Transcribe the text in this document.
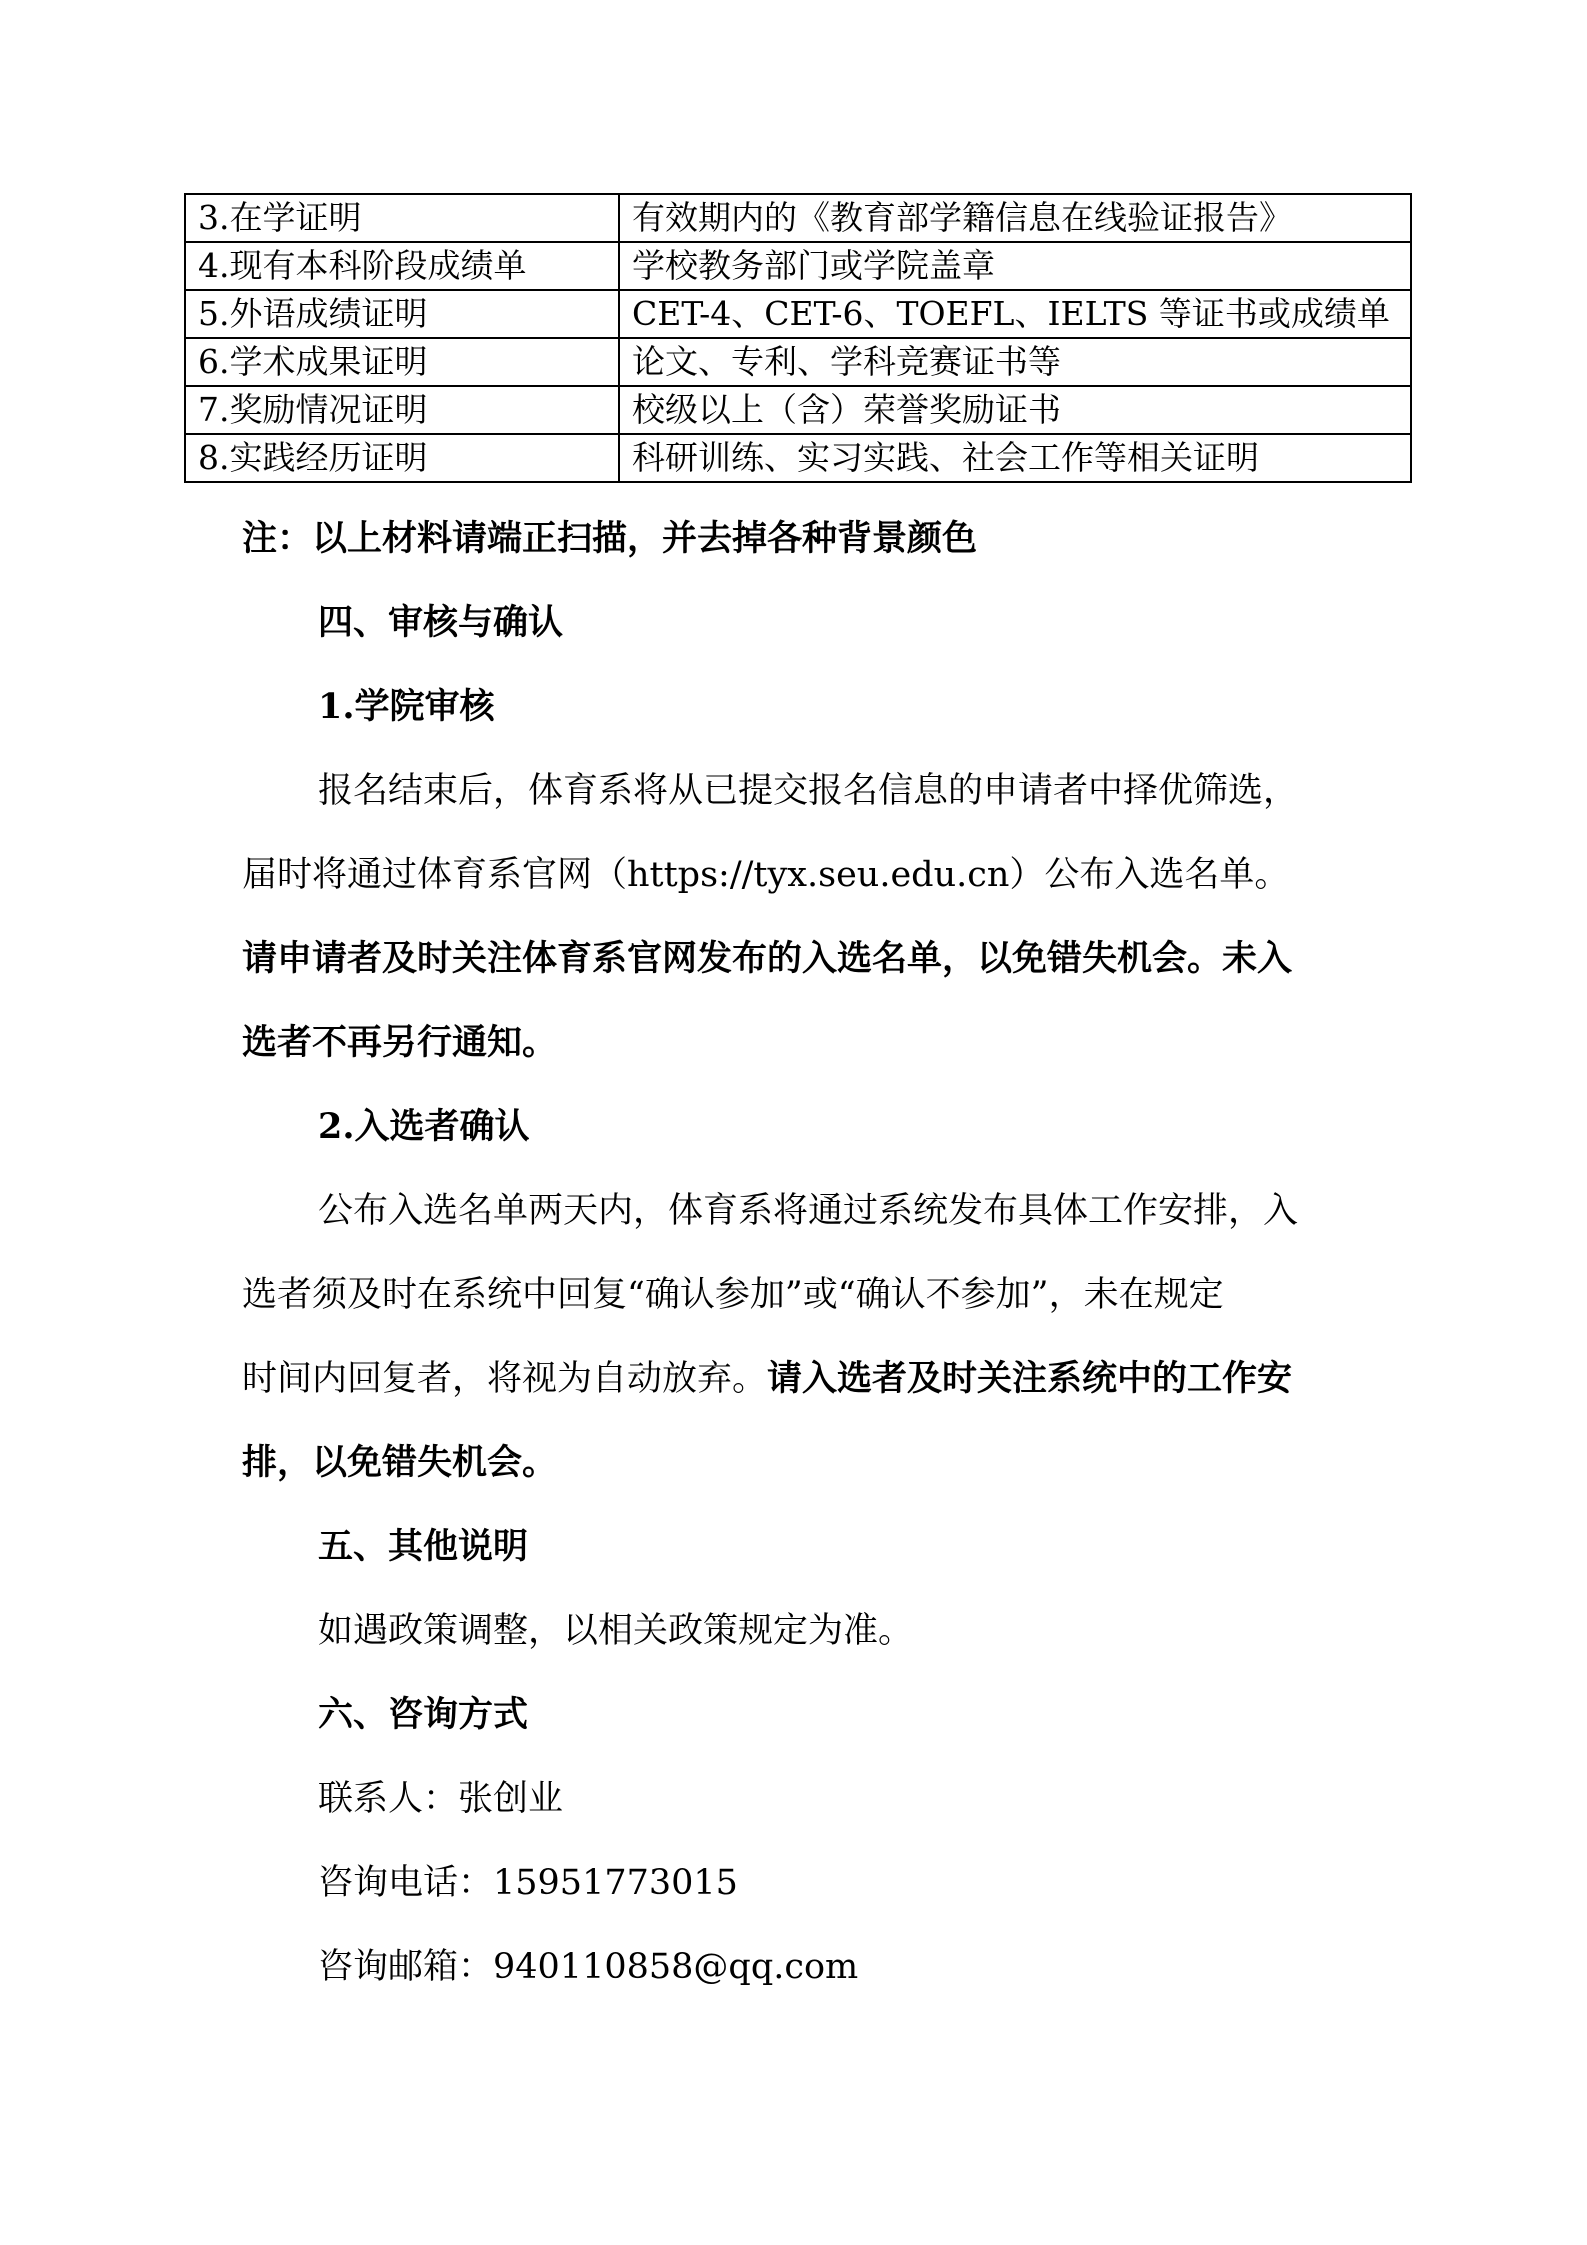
3.在学证明	有效期内的《教育部学籍信息在线验证报告》
4.现有本科阶段成绩单	学校教务部门或学院盖章
5.外语成绩证明	CET-4、CET-6、TOEFL、IELTS 等证书或成绩单
6.学术成果证明	论文、专利、学科竞赛证书等
7.奖励情况证明	校级以上（含）荣誉奖励证书
8.实践经历证明	科研训练、实习实践、社会工作等相关证明
注：以上材料请端正扫描，并去掉各种背景颜色
四、审核与确认
1.学院审核
报名结束后，体育系将从已提交报名信息的申请者中择优筛选，
届时将通过体育系官网（https://tyx.seu.edu.cn）公布入选名单。
请申请者及时关注体育系官网发布的入选名单，以免错失机会。未入
选者不再另行通知。
2.入选者确认
公布入选名单两天内，体育系将通过系统发布具体工作安排，入
选者须及时在系统中回复“确认参加”或“确认不参加”，未在规定
时间内回复者，将视为自动放弃。请入选者及时关注系统中的工作安
排，以免错失机会。
五、其他说明
如遇政策调整，以相关政策规定为准。
六、咨询方式
联系人：张创业
咨询电话：15951773015
咨询邮箱：940110858@qq.com
